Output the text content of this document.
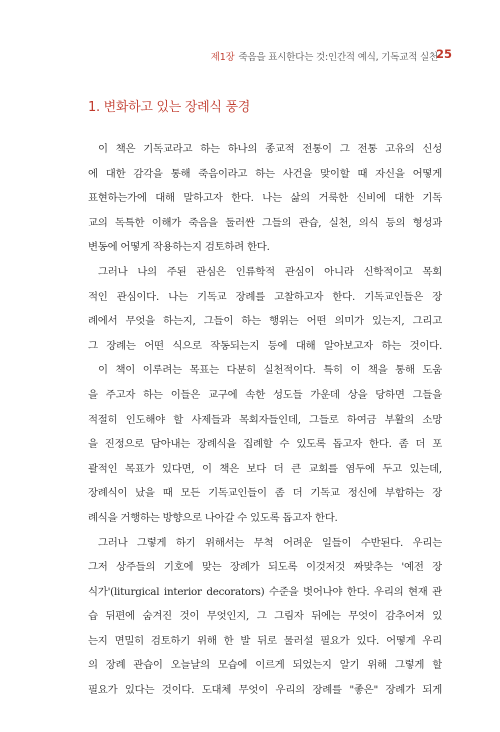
제1장 죽음을 표시한다는 것:인간적 예식, 기독교적 실천
25
1. 변화하고 있는 장례식 풍경
이 책은 기독교라고 하는 하나의 종교적 전통이 그 전통 고유의 신성
에 대한 감각을 통해 죽음이라고 하는 사건을 맞이할 때 자신을 어떻게
표현하는가에 대해 말하고자 한다. 나는 삶의 거룩한 신비에 대한 기독
교의 독특한 이해가 죽음을 둘러싼 그들의 관습, 실천, 의식 등의 형성과
변동에 어떻게 작용하는지 검토하려 한다.
그러나 나의 주된 관심은 인류학적 관심이 아니라 신학적이고 목회
적인 관심이다. 나는 기독교 장례를 고찰하고자 한다. 기독교인들은 장
례에서 무엇을 하는지, 그들이 하는 행위는 어떤 의미가 있는지, 그리고
그 장례는 어떤 식으로 작동되는지 등에 대해 알아보고자 하는 것이다.
이 책이 이루려는 목표는 다분히 실천적이다. 특히 이 책을 통해 도움
을 주고자 하는 이들은 교구에 속한 성도들 가운데 상을 당하면 그들을
적절히 인도해야 할 사제들과 목회자들인데, 그들로 하여금 부활의 소망
을 진정으로 담아내는 장례식을 집례할 수 있도록 돕고자 한다. 좀 더 포
괄적인 목표가 있다면, 이 책은 보다 더 큰 교회를 염두에 두고 있는데,
장례식이 났을 때 모든 기독교인들이 좀 더 기독교 정신에 부합하는 장
례식을 거행하는 방향으로 나아갈 수 있도록 돕고자 한다.
그러나 그렇게 하기 위해서는 무척 어려운 일들이 수반된다. 우리는
그저 상주들의 기호에 맞는 장례가 되도록 이것저것 짜맞추는 '예전 장
식가'(liturgical interior decorators) 수준을 벗어나야 한다. 우리의 현재 관
습 뒤편에 숨겨진 것이 무엇인지, 그 그림자 뒤에는 무엇이 감추어져 있
는지 면밀히 검토하기 위해 한 발 뒤로 물러설 필요가 있다. 어떻게 우리
의 장례 관습이 오늘날의 모습에 이르게 되었는지 알기 위해 그렇게 할
필요가 있다는 것이다. 도대체 무엇이 우리의 장례를 "좋은" 장례가 되게
